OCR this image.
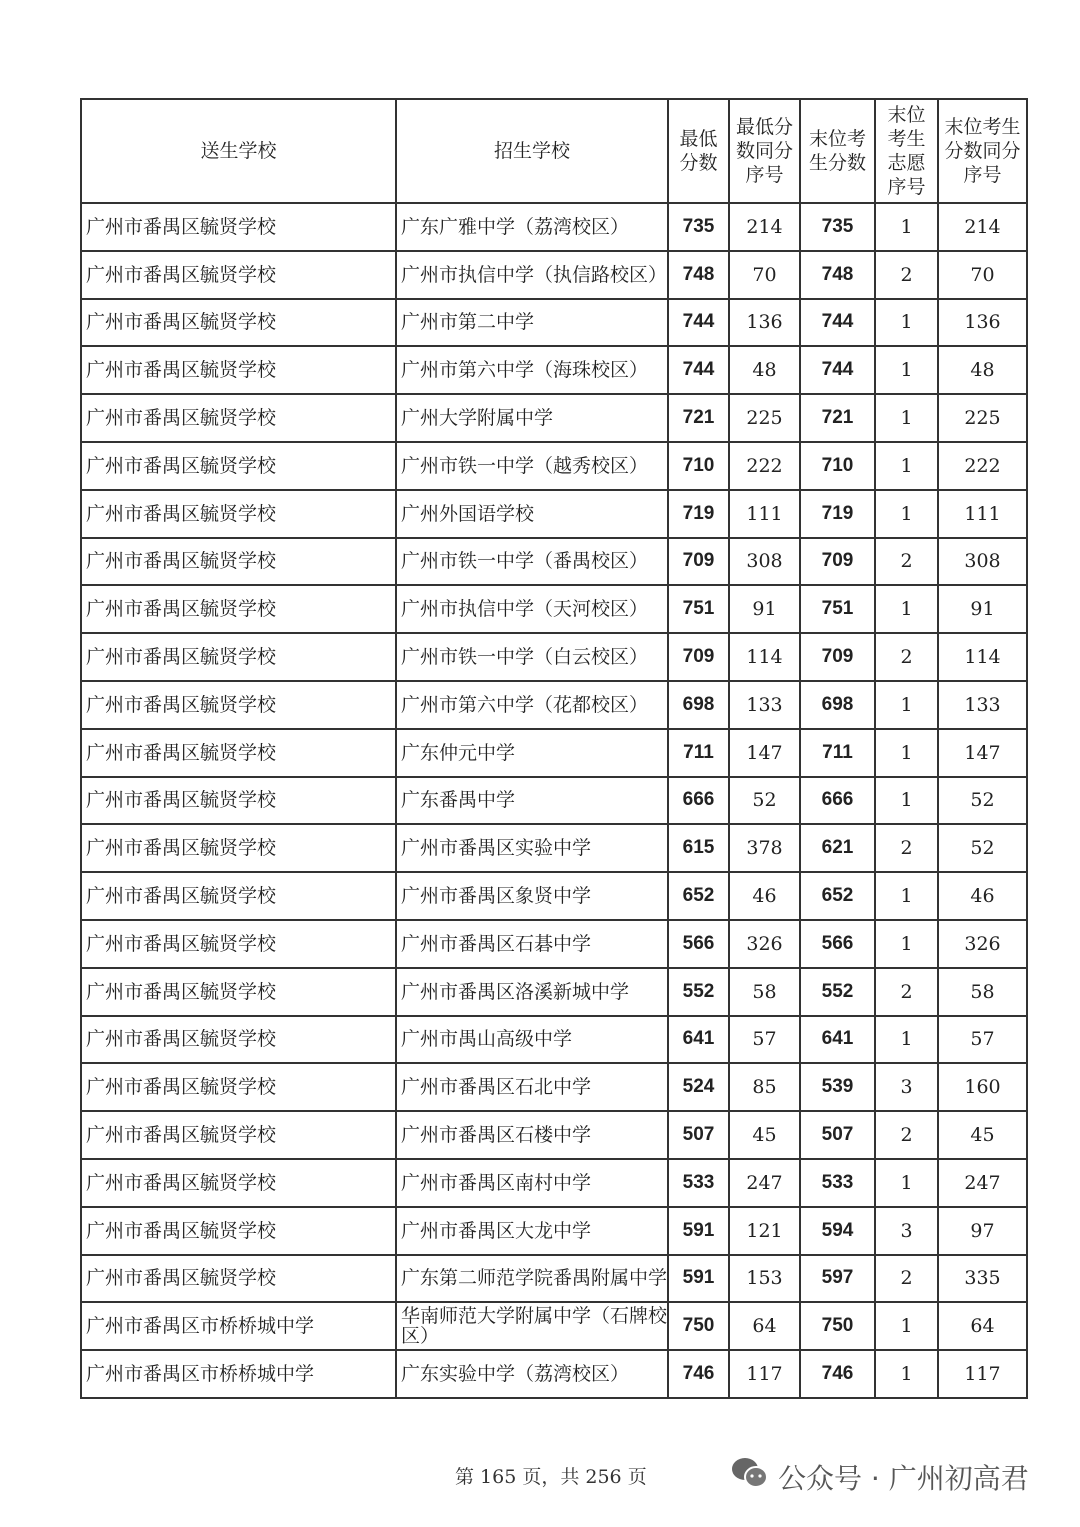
送生学校	招生学校	最低分数	最低分数同分序号	末位考生分数	末位考生志愿序号	末位考生分数同分序号
广州市番禺区毓贤学校	广东广雅中学（荔湾校区）	735	214	735	1	214
广州市番禺区毓贤学校	广州市执信中学（执信路校区）	748	70	748	2	70
广州市番禺区毓贤学校	广州市第二中学	744	136	744	1	136
广州市番禺区毓贤学校	广州市第六中学（海珠校区）	744	48	744	1	48
广州市番禺区毓贤学校	广州大学附属中学	721	225	721	1	225
广州市番禺区毓贤学校	广州市铁一中学（越秀校区）	710	222	710	1	222
广州市番禺区毓贤学校	广州外国语学校	719	111	719	1	111
广州市番禺区毓贤学校	广州市铁一中学（番禺校区）	709	308	709	2	308
广州市番禺区毓贤学校	广州市执信中学（天河校区）	751	91	751	1	91
广州市番禺区毓贤学校	广州市铁一中学（白云校区）	709	114	709	2	114
广州市番禺区毓贤学校	广州市第六中学（花都校区）	698	133	698	1	133
广州市番禺区毓贤学校	广东仲元中学	711	147	711	1	147
广州市番禺区毓贤学校	广东番禺中学	666	52	666	1	52
广州市番禺区毓贤学校	广州市番禺区实验中学	615	378	621	2	52
广州市番禺区毓贤学校	广州市番禺区象贤中学	652	46	652	1	46
广州市番禺区毓贤学校	广州市番禺区石碁中学	566	326	566	1	326
广州市番禺区毓贤学校	广州市番禺区洛溪新城中学	552	58	552	2	58
广州市番禺区毓贤学校	广州市禺山高级中学	641	57	641	1	57
广州市番禺区毓贤学校	广州市番禺区石北中学	524	85	539	3	160
广州市番禺区毓贤学校	广州市番禺区石楼中学	507	45	507	2	45
广州市番禺区毓贤学校	广州市番禺区南村中学	533	247	533	1	247
广州市番禺区毓贤学校	广州市番禺区大龙中学	591	121	594	3	97
广州市番禺区毓贤学校	广东第二师范学院番禺附属中学	591	153	597	2	335
广州市番禺区市桥桥城中学	华南师范大学附属中学（石牌校区）	750	64	750	1	64
广州市番禺区市桥桥城中学	广东实验中学（荔湾校区）	746	117	746	1	117
第 165 页，共 256 页	公众号 · 广州初高君
